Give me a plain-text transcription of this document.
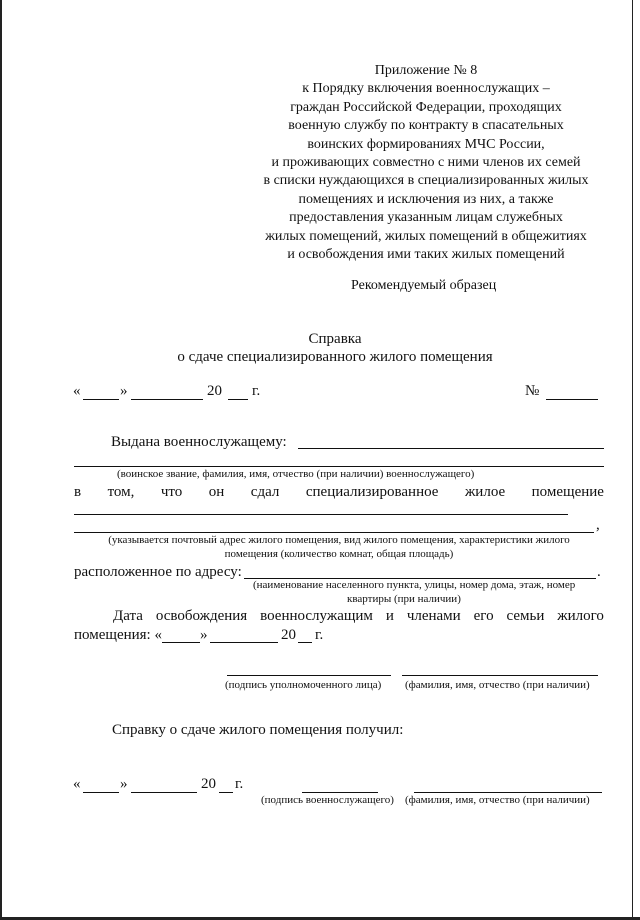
Приложение № 8
к Порядку включения военнослужащих –
граждан Российской Федерации, проходящих
военную службу по контракту в спасательных
воинских формированиях МЧС России,
и проживающих совместно с ними членов их семей
в списки нуждающихся в специализированных жилых
помещениях и исключения из них, а также
предоставления указанным лицам служебных
жилых помещений, жилых помещений в общежитиях
и освобождения ими таких жилых помещений
Рекомендуемый образец
Справка
о сдаче специализированного жилого помещения
«	»	20 г.	№
Выдана военнослужащему:
(воинское звание, фамилия, имя, отчество (при наличии) военнослужащего)
в том, что он сдал специализированное жилое помещение
,
(указывается почтовый адрес жилого помещения, вид жилого помещения, характеристики жилого
помещения (количество комнат, общая площадь)
расположенное по адресу:	.
(наименование населенного пункта, улицы, номер дома, этаж, номер
квартиры (при наличии)
Дата освобождения военнослужащим и членами его семьи жилого
помещения: «	»	20 г.
(подпись уполномоченного лица) (фамилия, имя, отчество (при наличии)
Справку о сдаче жилого помещения получил:
«	»	20 г.
(подпись военнослужащего) (фамилия, имя, отчество (при наличии)
